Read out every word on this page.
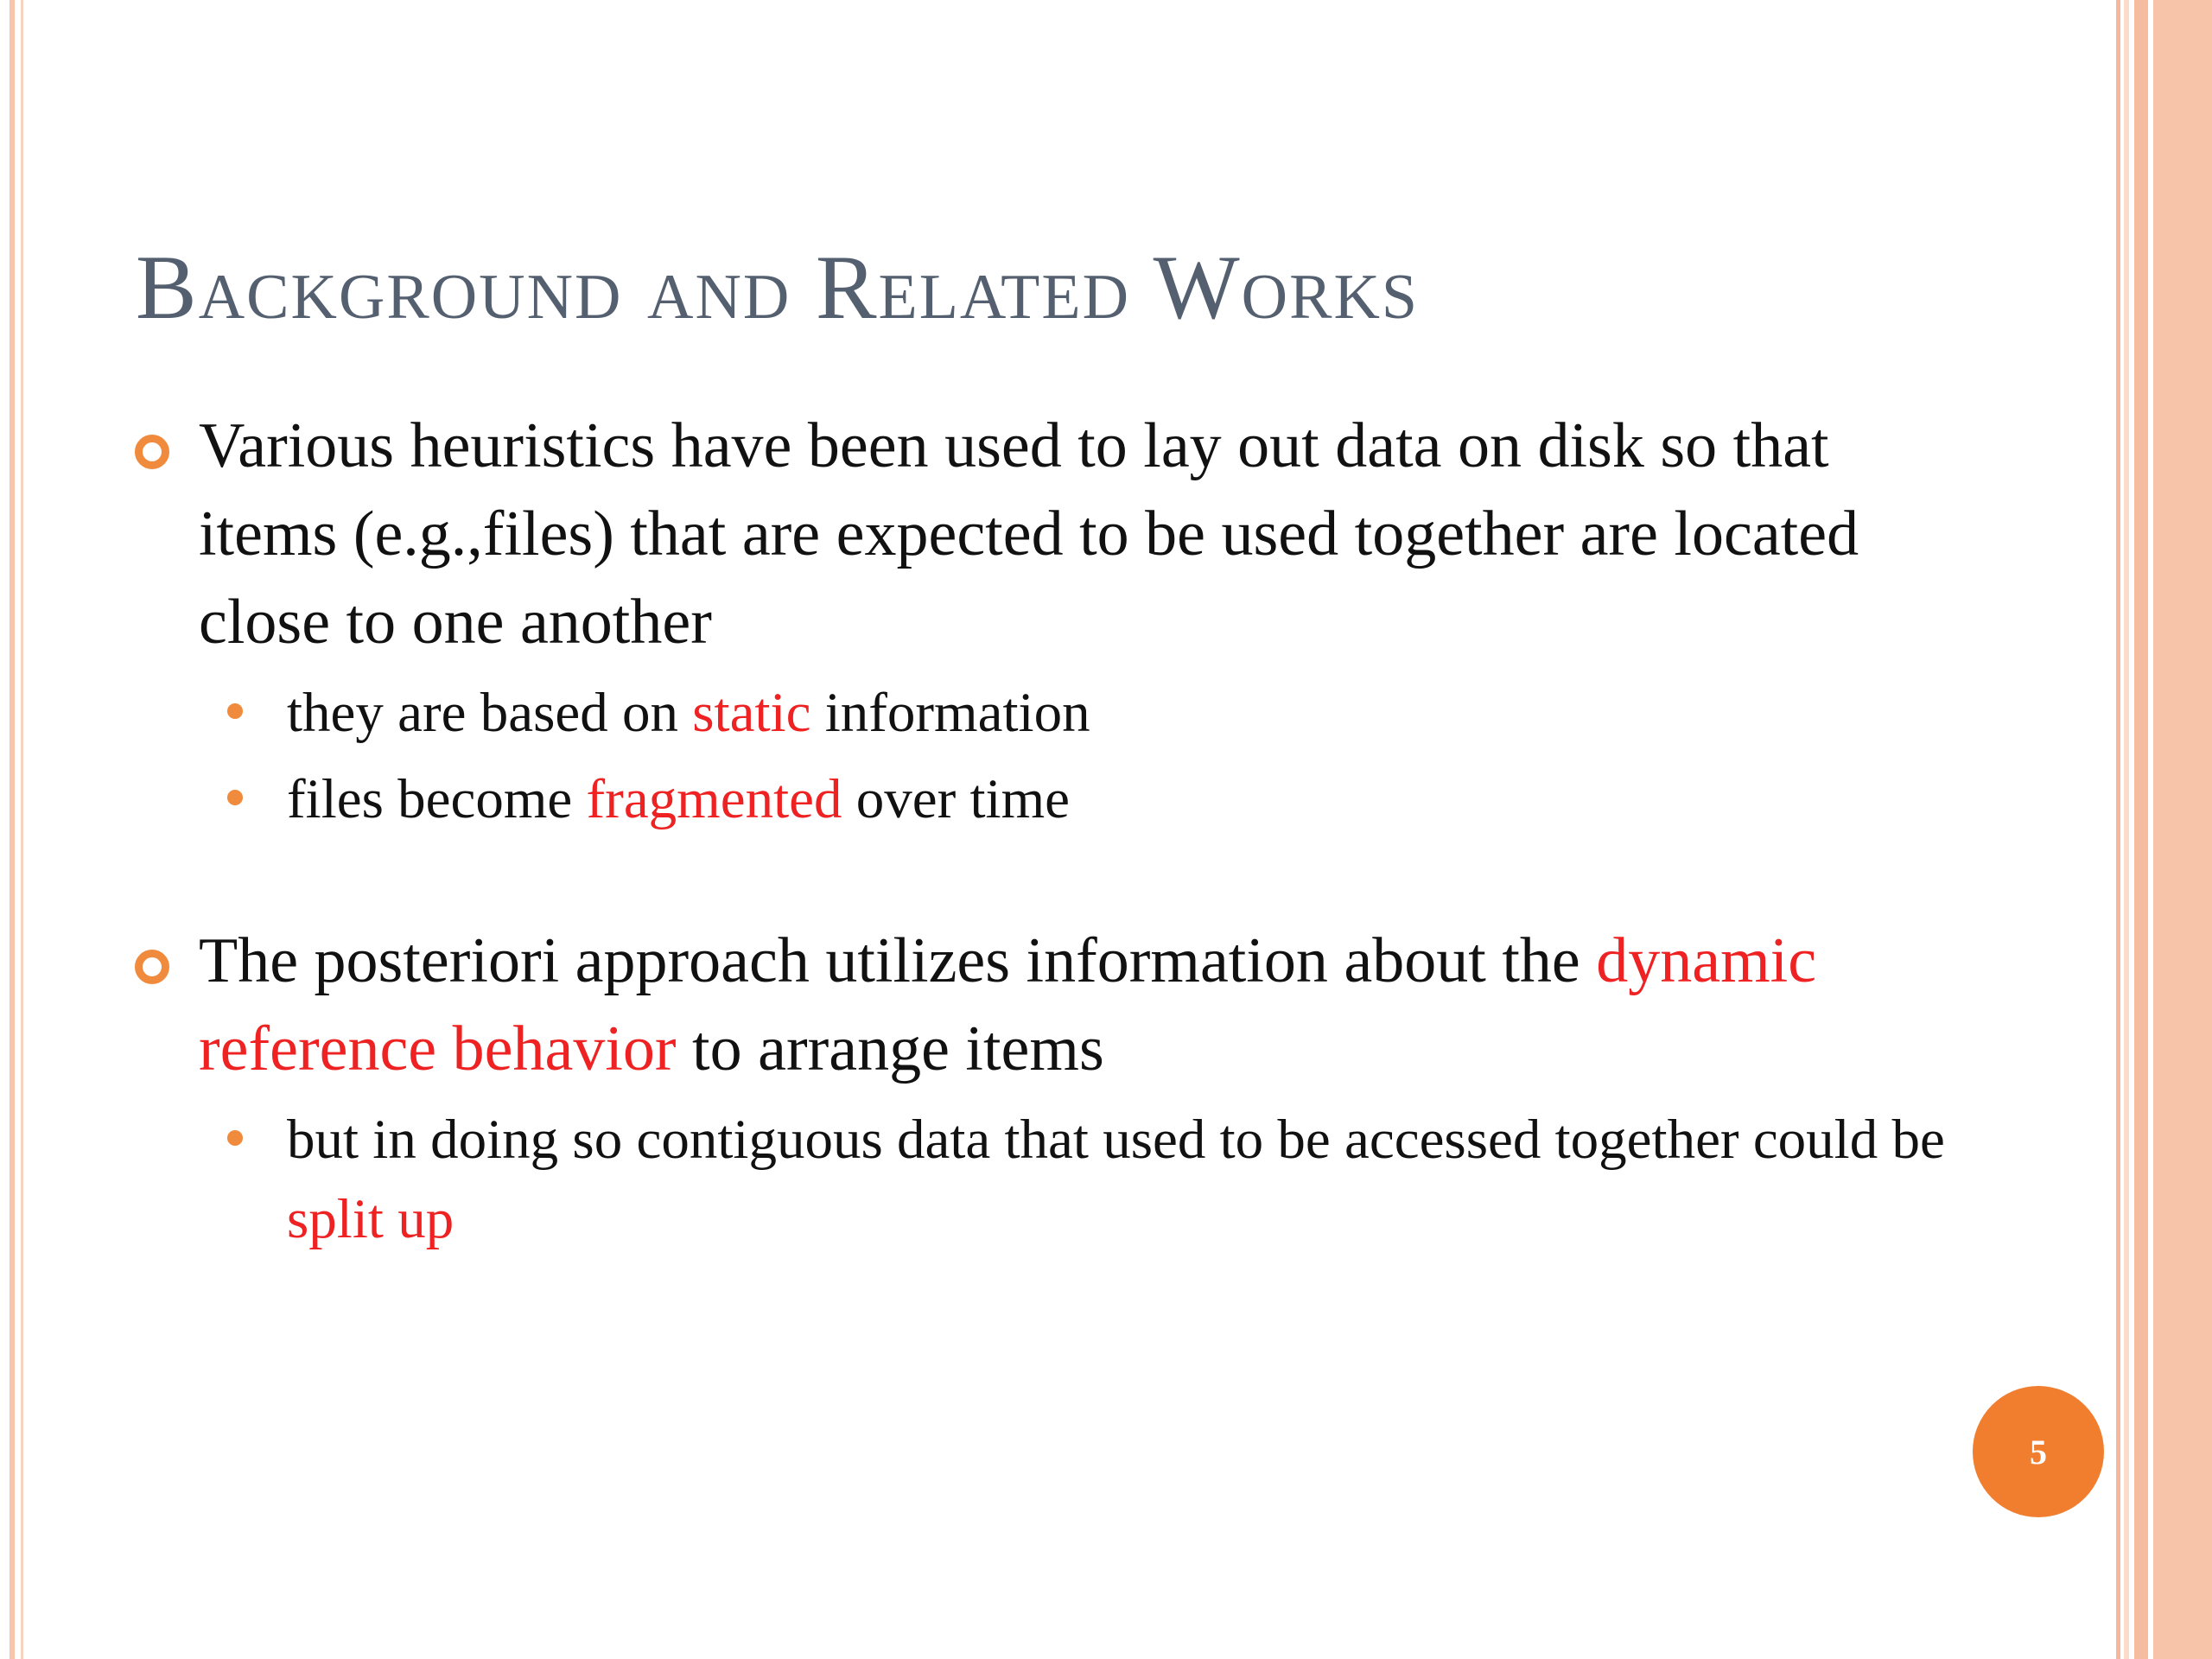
Background and Related Works

Various heuristics have been used to lay out data on disk so that items (e.g.,files) that are expected to be used together are located close to one another

they are based on static information
files become fragmented over time

The posteriori approach utilizes information about the dynamic reference behavior to arrange items

but in doing so contiguous data that used to be accessed together could be split up
5
